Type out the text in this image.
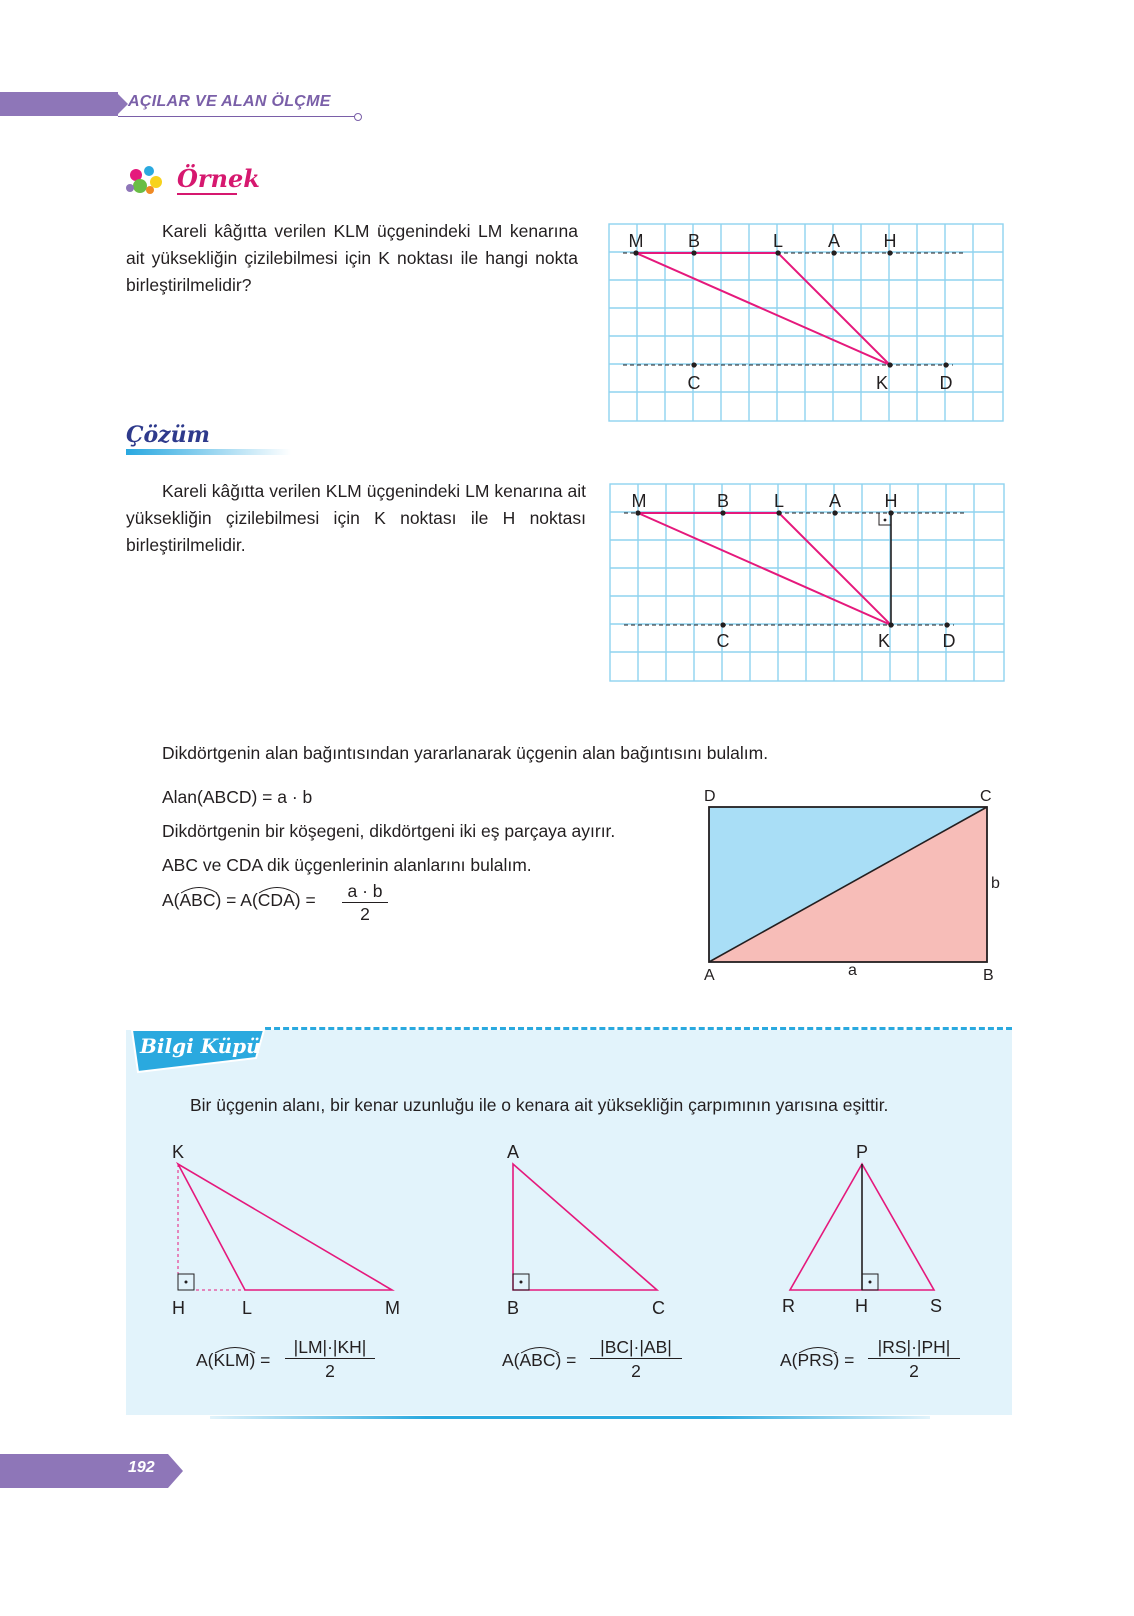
AÇILAR VE ALAN ÖLÇME
Örnek
Kareli kâğıtta verilen KLM üçgenindeki LM kenarına ait yüksekliğin çizilebilmesi için K noktası ile hangi nokta birleştirilmelidir?
M B	L A H
C	K	D
Çözüm
Kareli kâğıtta verilen KLM üçgenindeki LM kenarına ait yüksekliğin çizilebilmesi için K noktası ile H noktası birleştirilmelidir.
M	B L A H
C	K	D
Dikdörtgenin alan bağıntısından yararlanarak üçgenin alan bağıntısını bulalım.
Alan(ABCD) = a · b
Dikdörtgenin bir köşegeni, dikdörtgeni iki eş parçaya ayırır.
ABC ve CDA dik üçgenlerinin alanlarını bulalım.
A(
ABC) = A(
$CDA) = \frac{a \cdot b}{2}$
D	C
A	B
a
b
Bilgi Küpü
Bir üçgenin alanı, bir kenar uzunluğu ile o kenara ait yüksekliğin çarpımının yarısına eşittir.
K
H	L	M
A
B	C
P
R	H	S
A(
KLM) =
|LM|·|KH|
2
A(
ABC) =
|BC|·|AB|
2
A(
PRS) =
|RS|·|PH|
2
192
